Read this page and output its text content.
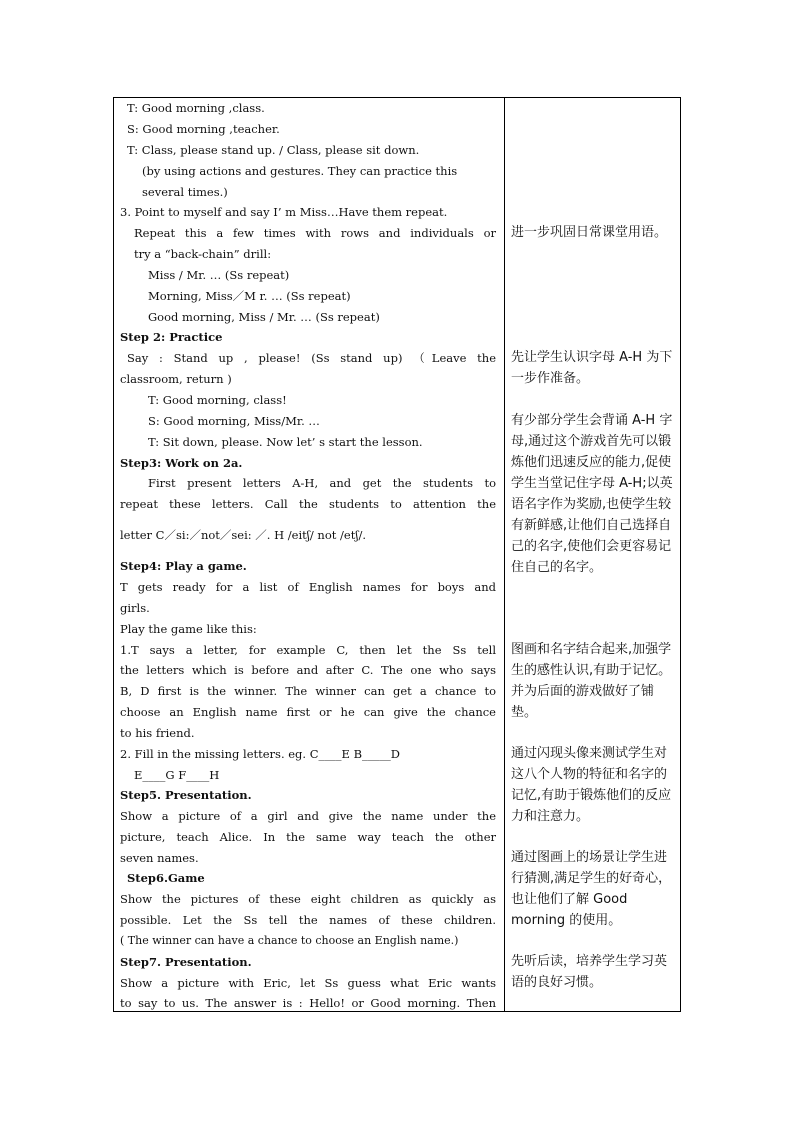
T: Good morning ,class.
S: Good morning ,teacher.
T: Class, please stand up. / Class, please sit down.
(by using actions and gestures. They can practice this
several times.)
3. Point to myself and say I’ m Miss…Have them repeat.
Repeat this a few times with rows and individuals or
try a “back-chain” drill:
Miss / Mr. … (Ss repeat)
Morning, Miss／M r. … (Ss repeat)
Good morning, Miss / Mr. … (Ss repeat)
Step 2: Practice
Say : Stand up , please! (Ss stand up) （Leave the
classroom, return )
T: Good morning, class!
S: Good morning, Miss/Mr. …
T: Sit down, please. Now let’ s start the lesson.
Step3: Work on 2a.
First present letters A-H, and get the students to
repeat these letters. Call the students to attention the
letter C／si:／not／sei: ／. H /eitʃ/ not /etʃ/.
Step4: Play a game.
T gets ready for a list of English names for boys and
girls.
Play the game like this:
1.T says a letter, for example C, then let the Ss tell
the letters which is before and after C. The one who says
B, D first is the winner. The winner can get a chance to
choose an English name first or he can give the chance
to his friend.
2. Fill in the missing letters. eg. C____E B_____D
E____G F____H
Step5. Presentation.
Show a picture of a girl and give the name under the
picture, teach Alice. In the same way teach the other
seven names.
Step6.Game
Show the pictures of these eight children as quickly as
possible. Let the Ss tell the names of these children.
( The winner can have a chance to choose an English name.)
Step7. Presentation.
Show a picture with Eric, let Ss guess what Eric wants
to say to us. The answer is : Hello! or Good morning. Then

进一步巩固日常课堂用语。

先让学生认识字母 A-H 为下一步作准备。

有少部分学生会背诵 A-H 字母,通过这个游戏首先可以锻炼他们迅速反应的能力,促使学生当堂记住字母 A-H;以英语名字作为奖励,也使学生较有新鲜感,让他们自己选择自己的名字,使他们会更容易记住自己的名字。

图画和名字结合起来,加强学生的感性认识,有助于记忆。并为后面的游戏做好了铺垫。

通过闪现头像来测试学生对这八个人物的特征和名字的记忆,有助于锻炼他们的反应力和注意力。

通过图画上的场景让学生进行猜测,满足学生的好奇心，也让他们了解 Good morning 的使用。

先听后读，培养学生学习英语的良好习惯。
